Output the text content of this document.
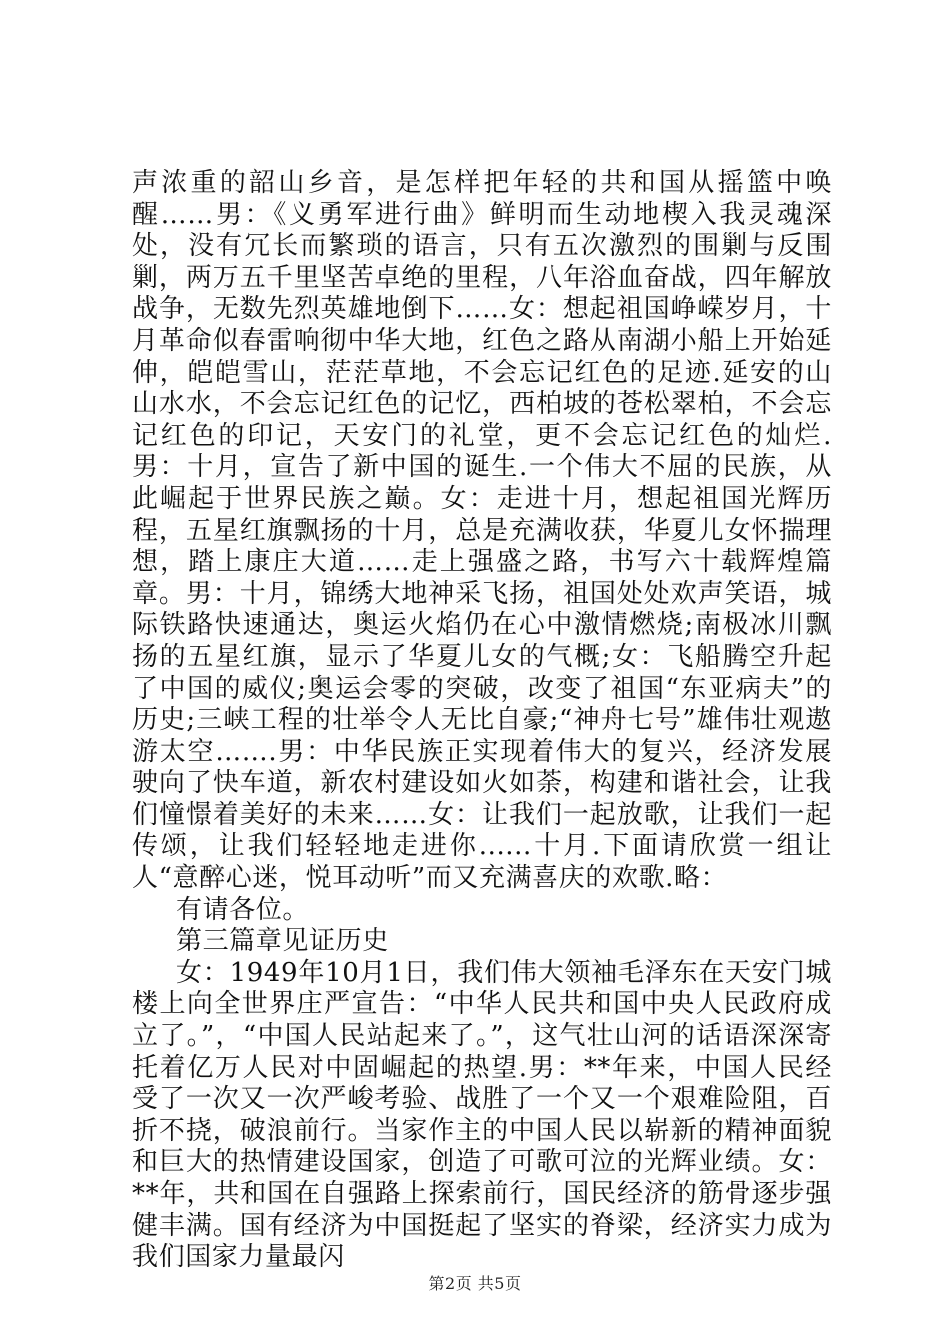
声浓重的韶山乡音，是怎样把年轻的共和国从摇篮中唤醒……男：《义勇军进行曲》鲜明而生动地楔入我灵魂深处，没有冗长而繁琐的语言，只有五次激烈的围剿与反围剿，两万五千里坚苦卓绝的里程，八年浴血奋战，四年解放战争，无数先烈英雄地倒下……女：想起祖国峥嵘岁月，十月革命似春雷响彻中华大地，红色之路从南湖小船上开始延伸，皑皑雪山，茫茫草地，不会忘记红色的足迹.延安的山山水水，不会忘记红色的记忆，西柏坡的苍松翠柏，不会忘记红色的印记，天安门的礼堂，更不会忘记红色的灿烂.男：十月，宣告了新中国的诞生.一个伟大不屈的民族，从此崛起于世界民族之巅。女：走进十月，想起祖国光辉历程，五星红旗飘扬的十月，总是充满收获，华夏儿女怀揣理想，踏上康庄大道……走上强盛之路，书写六十载辉煌篇章。男：十月，锦绣大地神采飞扬，祖国处处欢声笑语，城际铁路快速通达，奥运火焰仍在心中激情燃烧;南极冰川飘扬的五星红旗，显示了华夏儿女的气概;女：飞船腾空升起了中国的威仪;奥运会零的突破，改变了祖国“东亚病夫”的历史;三峡工程的壮举令人无比自豪;“神舟七号”雄伟壮观遨游太空…….男：中华民族正实现着伟大的复兴，经济发展驶向了快车道，新农村建设如火如荼，构建和谐社会，让我们憧憬着美好的未来……女：让我们一起放歌，让我们一起传颂，让我们轻轻地走进你......十月.下面请欣赏一组让人“意醉心迷，悦耳动听”而又充满喜庆的欢歌.略：

有请各位。

第三篇章见证历史

女：1949年10月1日，我们伟大领袖毛泽东在天安门城楼上向全世界庄严宣告：“中华人民共和国中央人民政府成立了。”，“中国人民站起来了。”，这气壮山河的话语深深寄托着亿万人民对中固崛起的热望.男：**年来，中国人民经受了一次又一次严峻考验、战胜了一个又一个艰难险阻，百折不挠，破浪前行。当家作主的中国人民以崭新的精神面貌和巨大的热情建设国家，创造了可歌可泣的光辉业绩。女：**年，共和国在自强路上探索前行，国民经济的筋骨逐步强健丰满。国有经济为中国挺起了坚实的脊梁，经济实力成为我们国家力量最闪

第2页 共5页
